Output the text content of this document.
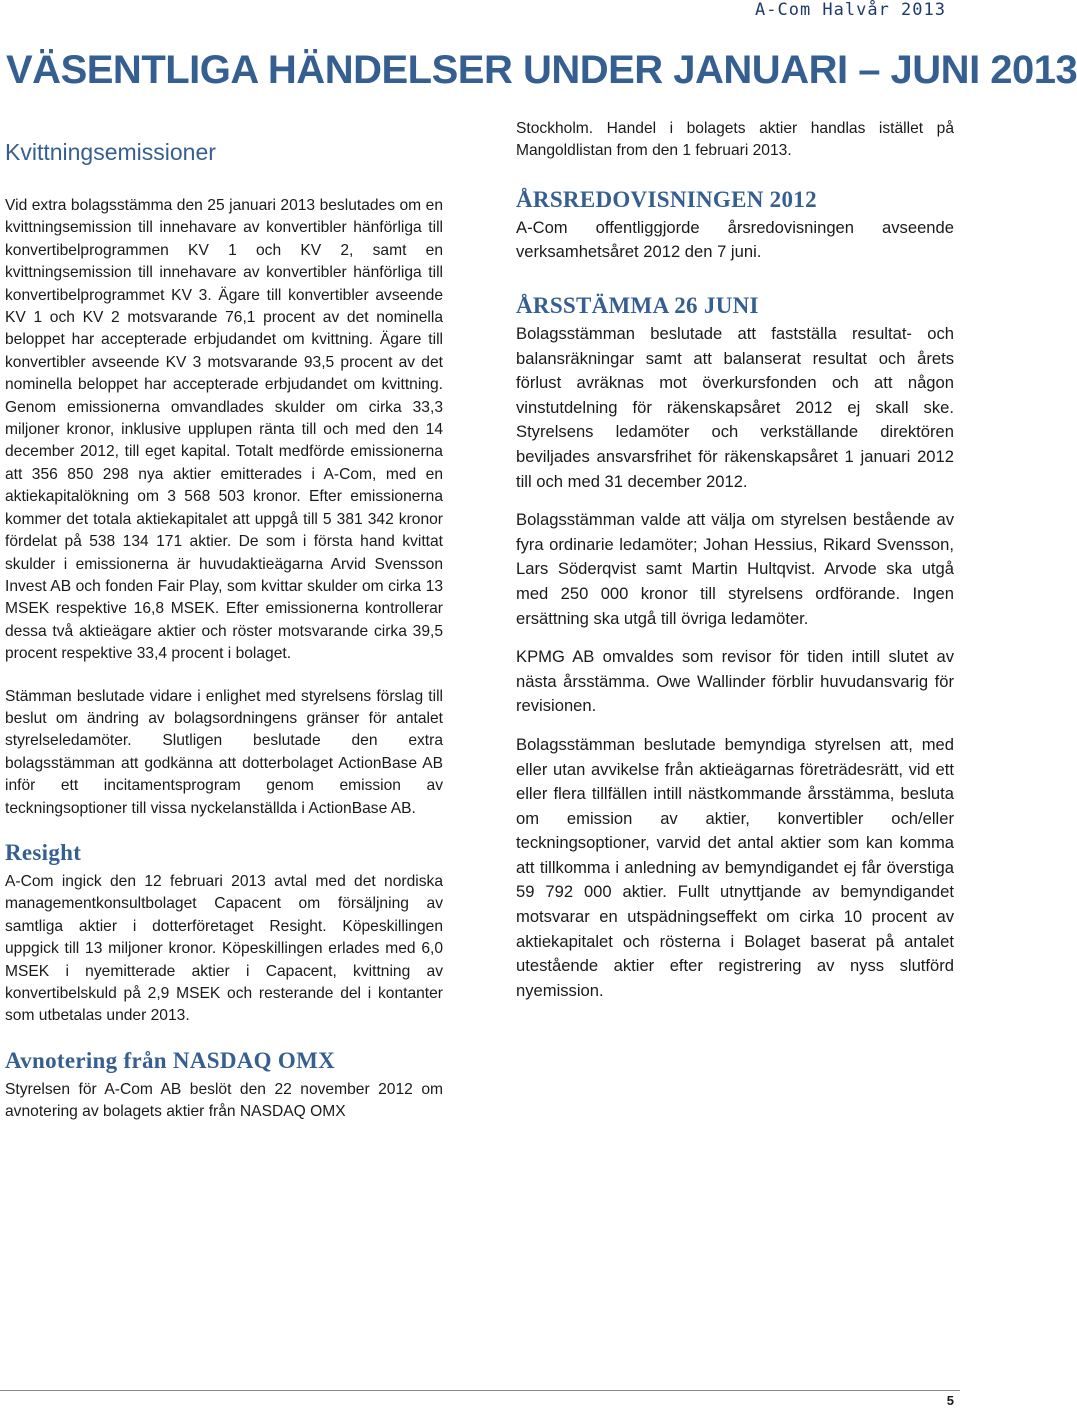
A-Com Halvår 2013
VÄSENTLIGA HÄNDELSER UNDER JANUARI – JUNI 2013
Kvittningsemissioner

Vid extra bolagsstämma den 25 januari 2013 beslutades om en kvittningsemission till innehavare av konvertibler hänförliga till konvertibelprogrammen KV 1 och KV 2, samt en kvittningsemission till innehavare av konvertibler hänförliga till konvertibelprogrammet KV 3. Ägare till konvertibler avseende KV 1 och KV 2 motsvarande 76,1 procent av det nominella beloppet har accepterade erbjudandet om kvittning. Ägare till konvertibler avseende KV 3 motsvarande 93,5 procent av det nominella beloppet har accepterade erbjudandet om kvittning. Genom emissionerna omvandlades skulder om cirka 33,3 miljoner kronor, inklusive upplupen ränta till och med den 14 december 2012, till eget kapital. Totalt medförde emissionerna att 356 850 298 nya aktier emitterades i A-Com, med en aktiekapitalökning om 3 568 503 kronor. Efter emissionerna kommer det totala aktiekapitalet att uppgå till 5 381 342 kronor fördelat på 538 134 171 aktier. De som i första hand kvittat skulder i emissionerna är huvudaktieägarna Arvid Svensson Invest AB och fonden Fair Play, som kvittar skulder om cirka 13 MSEK respektive 16,8 MSEK. Efter emissionerna kontrollerar dessa två aktieägare aktier och röster motsvarande cirka 39,5 procent respektive 33,4 procent i bolaget.

Stämman beslutade vidare i enlighet med styrelsens förslag till beslut om ändring av bolagsordningens gränser för antalet styrelseledamöter. Slutligen beslutade den extra bolagsstämman att godkänna att dotterbolaget ActionBase AB inför ett incitamentsprogram genom emission av teckningsoptioner till vissa nyckelanställda i ActionBase AB.

Resight

A-Com ingick den 12 februari 2013 avtal med det nordiska managementkonsultbolaget Capacent om försäljning av samtliga aktier i dotterföretaget Resight. Köpeskillingen uppgick till 13 miljoner kronor. Köpeskillingen erlades med 6,0 MSEK i nyemitterade aktier i Capacent, kvittning av konvertibelskuld på 2,9 MSEK och resterande del i kontanter som utbetalas under 2013.

Avnotering från NASDAQ OMX

Styrelsen för A-Com AB beslöt den 22 november 2012 om avnotering av bolagets aktier från NASDAQ OMX

Stockholm. Handel i bolagets aktier handlas istället på Mangoldlistan from den 1 februari 2013.

ÅRSREDOVISNINGEN 2012

A-Com offentliggjorde årsredovisningen avseende verksamhetsåret 2012 den 7 juni.

ÅRSSTÄMMA 26 JUNI

Bolagsstämman beslutade att fastställa resultat- och balansräkningar samt att balanserat resultat och årets förlust avräknas mot överkursfonden och att någon vinstutdelning för räkenskapsåret 2012 ej skall ske. Styrelsens ledamöter och verkställande direktören beviljades ansvarsfrihet för räkenskapsåret 1 januari 2012 till och med 31 december 2012.

Bolagsstämman valde att välja om styrelsen bestående av fyra ordinarie ledamöter; Johan Hessius, Rikard Svensson, Lars Söderqvist samt Martin Hultqvist. Arvode ska utgå med 250 000 kronor till styrelsens ordförande. Ingen ersättning ska utgå till övriga ledamöter.

KPMG AB omvaldes som revisor för tiden intill slutet av nästa årsstämma. Owe Wallinder förblir huvudansvarig för revisionen.

Bolagsstämman beslutade bemyndiga styrelsen att, med eller utan avvikelse från aktieägarnas företrädesrätt, vid ett eller flera tillfällen intill nästkommande årsstämma, besluta om emission av aktier, konvertibler och/eller teckningsoptioner, varvid det antal aktier som kan komma att tillkomma i anledning av bemyndigandet ej får överstiga 59 792 000 aktier. Fullt utnyttjande av bemyndigandet motsvarar en utspädningseffekt om cirka 10 procent av aktiekapitalet och rösterna i Bolaget baserat på antalet utestående aktier efter registrering av nyss slutförd nyemission.

5
